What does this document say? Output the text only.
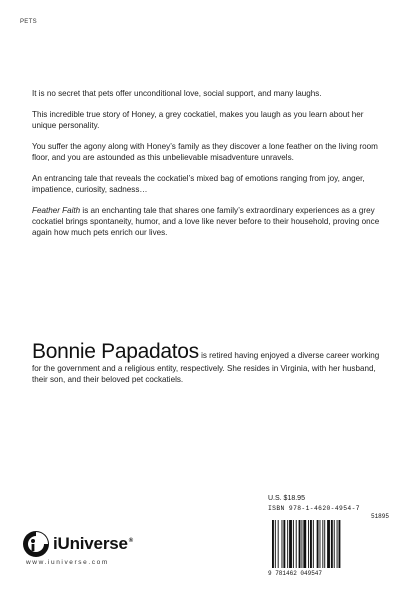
PETS

It is no secret that pets offer unconditional love, social support, and many laughs.

This incredible true story of Honey, a grey cockatiel, makes you laugh as you learn about her unique personality.

You suffer the agony along with Honey’s family as they discover a lone feather on the living room floor, and you are astounded as this unbelievable misadventure unravels.

An entrancing tale that reveals the cockatiel’s mixed bag of emotions ranging from joy, anger, impatience, curiosity, sadness…

Feather Faith is an enchanting tale that shares one family’s extraordinary experiences as a grey cockatiel brings spontaneity, humor, and a love like never before to their household, proving once again how much pets enrich our lives.

Bonnie Papadatos is retired having enjoyed a diverse career working for the government and a religious entity, respectively. She resides in Virginia, with her husband, their son, and their beloved pet cockatiels.
U.S. $18.95
ISBN 978-1-4620-4954-7
51895
9 781462 049547
iUniverse®
www.iuniverse.com
